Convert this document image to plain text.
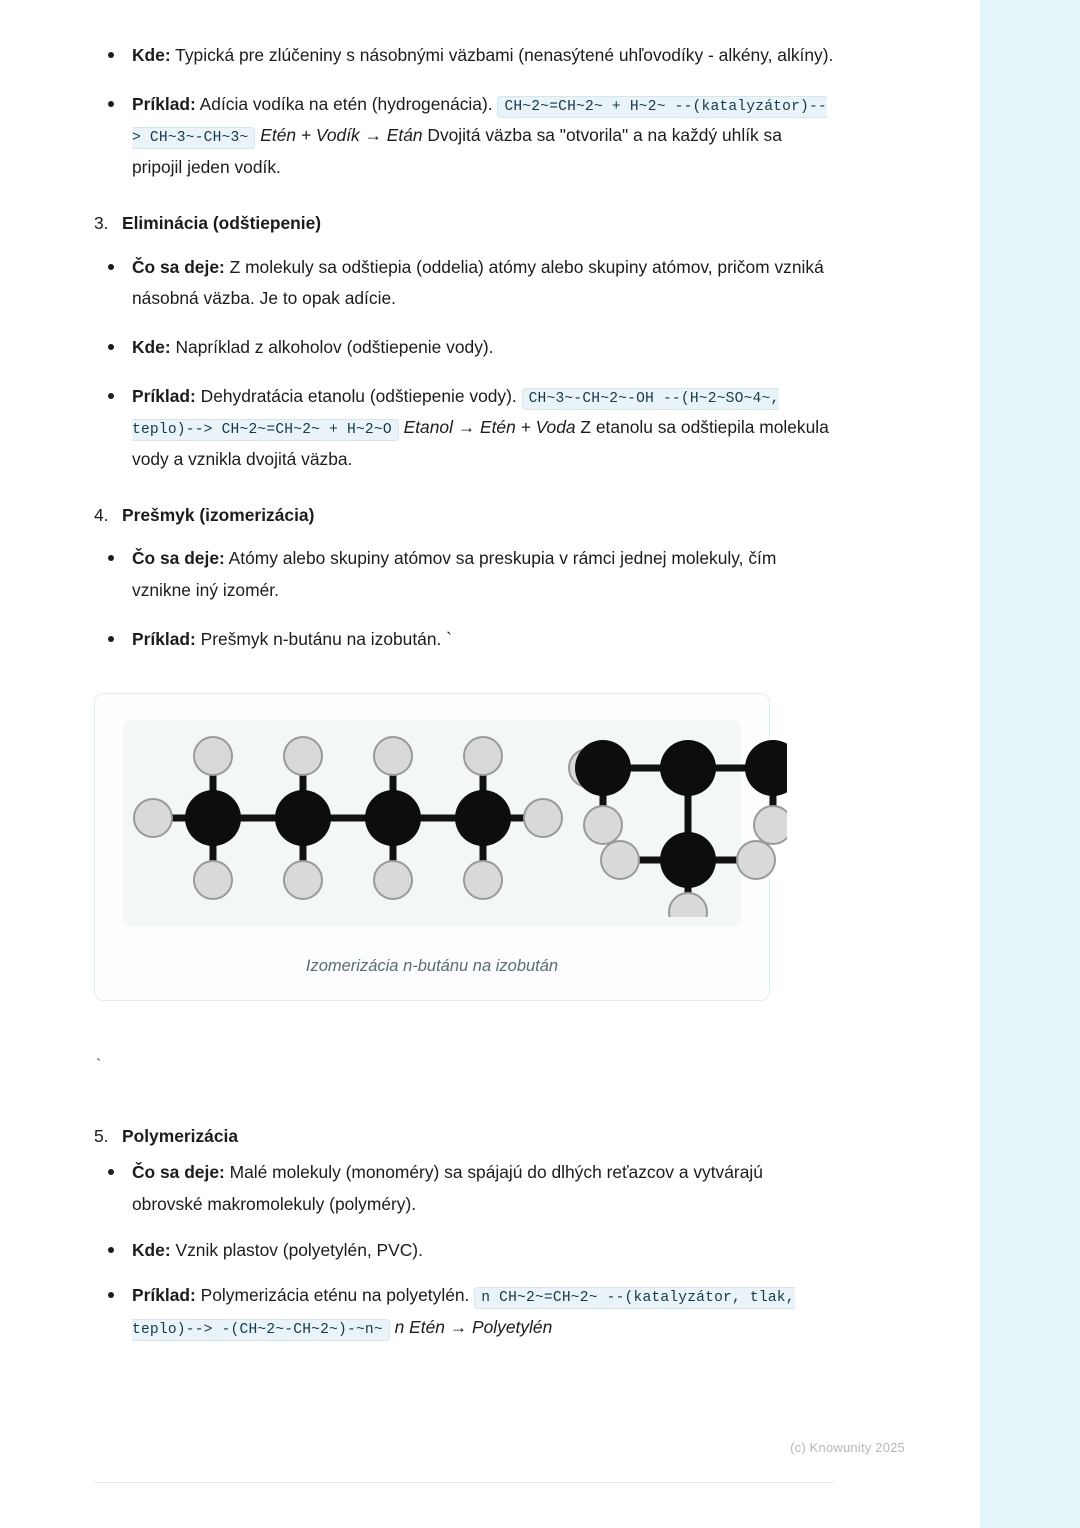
Kde: Typická pre zlúčeniny s násobnými väzbami (nenasýtené uhľovodíky - alkény, alkíny).
Príklad: Adícia vodíka na etén (hydrogenácia). CH~2~=CH~2~ + H~2~ --(katalyzátor)--> CH~3~-CH~3~ Etén + Vodík → Etán Dvojitá väzba sa "otvorila" a na každý uhlík sa pripojil jeden vodík.
3. Eliminácia (odštiepenie)
Čo sa deje: Z molekuly sa odštiepia (oddelia) atómy alebo skupiny atómov, pričom vzniká násobná väzba. Je to opak adície.
Kde: Napríklad z alkoholov (odštiepenie vody).
Príklad: Dehydratácia etanolu (odštiepenie vody). CH~3~-CH~2~-OH --(H~2~SO~4~, teplo)--> CH~2~=CH~2~ + H~2~O Etanol → Etén + Voda Z etanolu sa odštiepila molekula vody a vznikla dvojitá väzba.
4. Prešmyk (izomerizácia)
Čo sa deje: Atómy alebo skupiny atómov sa preskupia v rámci jednej molekuly, čím vznikne iný izomér.
Príklad: Prešmyk n-butánu na izobután. `
Izomerizácia n-butánu na izobután
`
5. Polymerizácia
Čo sa deje: Malé molekuly (monoméry) sa spájajú do dlhých reťazcov a vytvárajú obrovské makromolekuly (polyméry).
Kde: Vznik plastov (polyetylén, PVC).
Príklad: Polymerizácia eténu na polyetylén. n CH~2~=CH~2~ --(katalyzátor, tlak, teplo)--> -(CH~2~-CH~2~)-~n~ n Etén → Polyetylén
(c) Knowunity 2025
